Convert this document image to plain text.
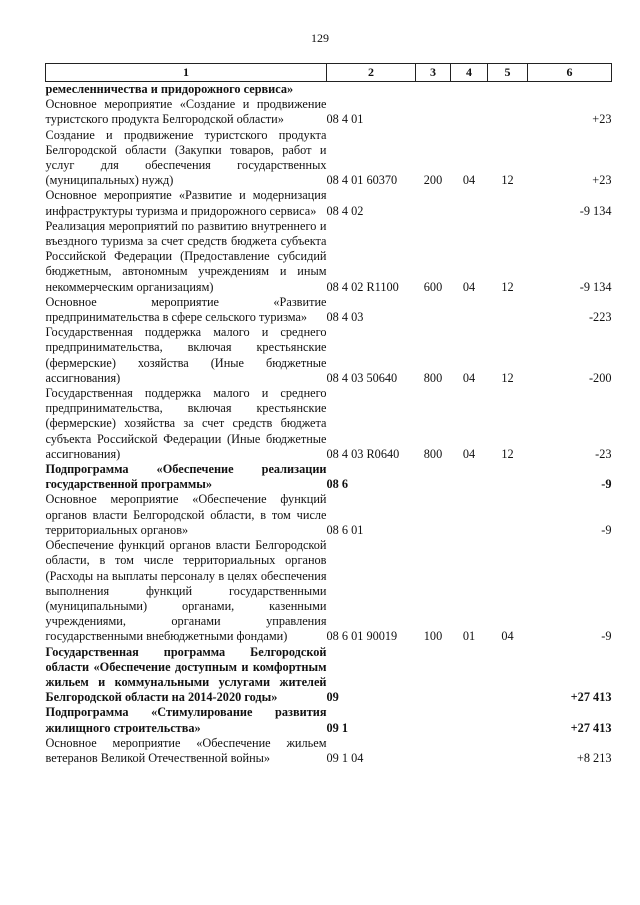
129
1	2	3	4	5	6
ремесленничества и придорожного сервиса»					
Основное мероприятие «Создание и продвижение туристского продукта Белгородской области»	08 4 01				+23
Создание и продвижение туристского продукта Белгородской области (Закупки товаров, работ и услуг для обеспечения государственных (муниципальных) нужд)	08 4 01 60370	200	04	12	+23
Основное мероприятие «Развитие и модернизация инфраструктуры туризма и придорожного сервиса»	08 4 02				-9 134
Реализация мероприятий по развитию внутреннего и въездного туризма за счет средств бюджета субъекта Российской Федерации (Предоставление субсидий бюджетным, автономным учреждениям и иным некоммерческим организациям)	08 4 02 R1100	600	04	12	-9 134
Основное мероприятие «Развитие предпринимательства в сфере сельского туризма»	08 4 03				-223
Государственная поддержка малого и среднего предпринимательства, включая крестьянские (фермерские) хозяйства (Иные бюджетные ассигнования)	08 4 03 50640	800	04	12	-200
Государственная поддержка малого и среднего предпринимательства, включая крестьянские (фермерские) хозяйства за счет средств бюджета субъекта Российской Федерации (Иные бюджетные ассигнования)	08 4 03 R0640	800	04	12	-23
Подпрограмма «Обеспечение реализации государственной программы»	08 6				-9
Основное мероприятие «Обеспечение функций органов власти Белгородской области, в том числе территориальных органов»	08 6 01				-9
Обеспечение функций органов власти Белгородской области, в том числе территориальных органов (Расходы на выплаты персоналу в целях обеспечения выполнения функций государственными (муниципальными) органами, казенными учреждениями, органами управления государственными внебюджетными фондами)	08 6 01 90019	100	01	04	-9
Государственная программа Белгородской области «Обеспечение доступным и комфортным жильем и коммунальными услугами жителей Белгородской области на 2014-2020 годы»	09				+27 413
Подпрограмма «Стимулирование развития жилищного строительства»	09 1				+27 413
Основное мероприятие «Обеспечение жильем ветеранов Великой Отечественной войны»	09 1 04				+8 213
